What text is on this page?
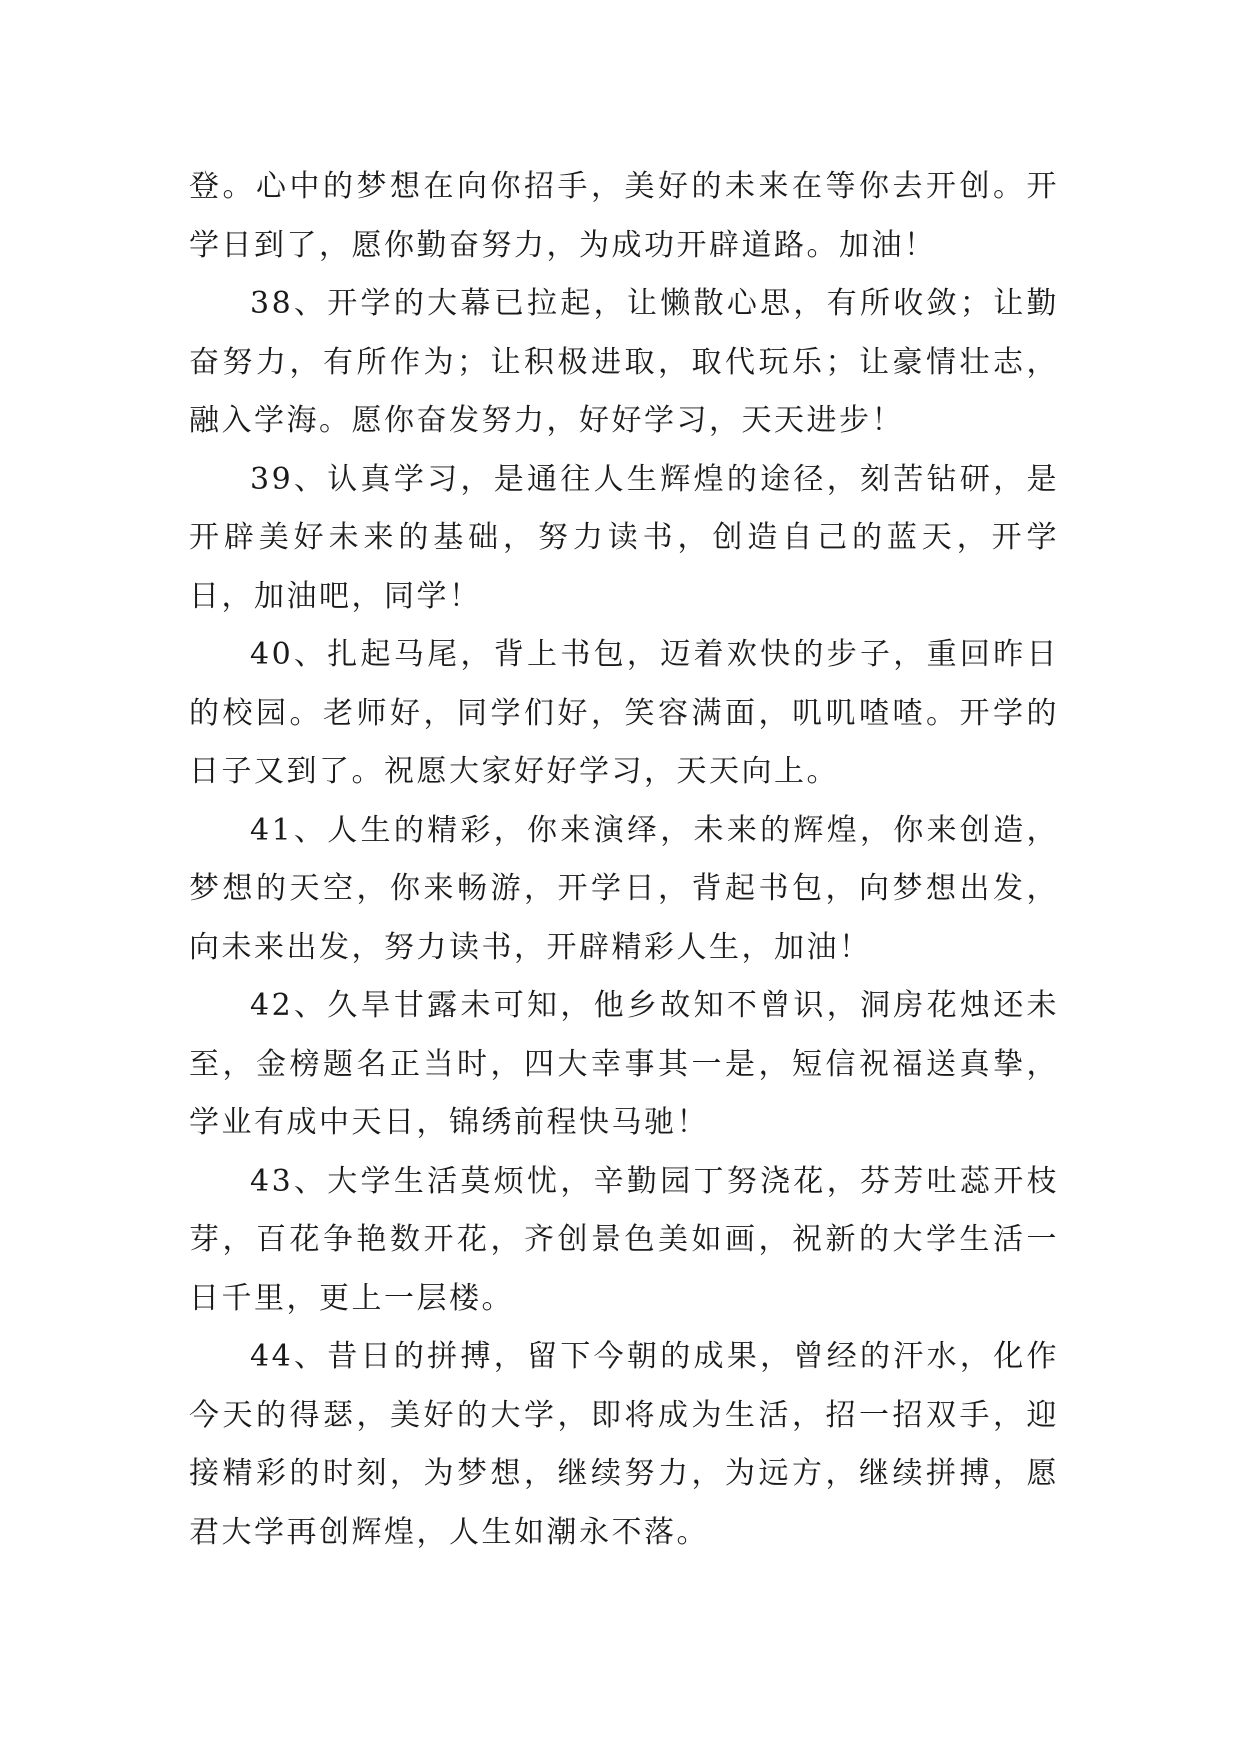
登。心中的梦想在向你招手，美好的未来在等你去开创。开学日到了，愿你勤奋努力，为成功开辟道路。加油！

38、开学的大幕已拉起，让懒散心思，有所收敛；让勤奋努力，有所作为；让积极进取，取代玩乐；让豪情壮志，融入学海。愿你奋发努力，好好学习，天天进步！

39、认真学习，是通往人生辉煌的途径，刻苦钻研，是开辟美好未来的基础，努力读书，创造自己的蓝天，开学日，加油吧，同学！

40、扎起马尾，背上书包，迈着欢快的步子，重回昨日的校园。老师好，同学们好，笑容满面，叽叽喳喳。开学的日子又到了。祝愿大家好好学习，天天向上。

41、人生的精彩，你来演绎，未来的辉煌，你来创造，梦想的天空，你来畅游，开学日，背起书包，向梦想出发，向未来出发，努力读书，开辟精彩人生，加油！

42、久旱甘露未可知，他乡故知不曾识，洞房花烛还未至，金榜题名正当时，四大幸事其一是，短信祝福送真挚，学业有成中天日，锦绣前程快马驰！

43、大学生活莫烦忧，辛勤园丁努浇花，芬芳吐蕊开枝芽，百花争艳数开花，齐创景色美如画，祝新的大学生活一日千里，更上一层楼。

44、昔日的拼搏，留下今朝的成果，曾经的汗水，化作今天的得瑟，美好的大学，即将成为生活，招一招双手，迎接精彩的时刻，为梦想，继续努力，为远方，继续拼搏，愿君大学再创辉煌，人生如潮永不落。
